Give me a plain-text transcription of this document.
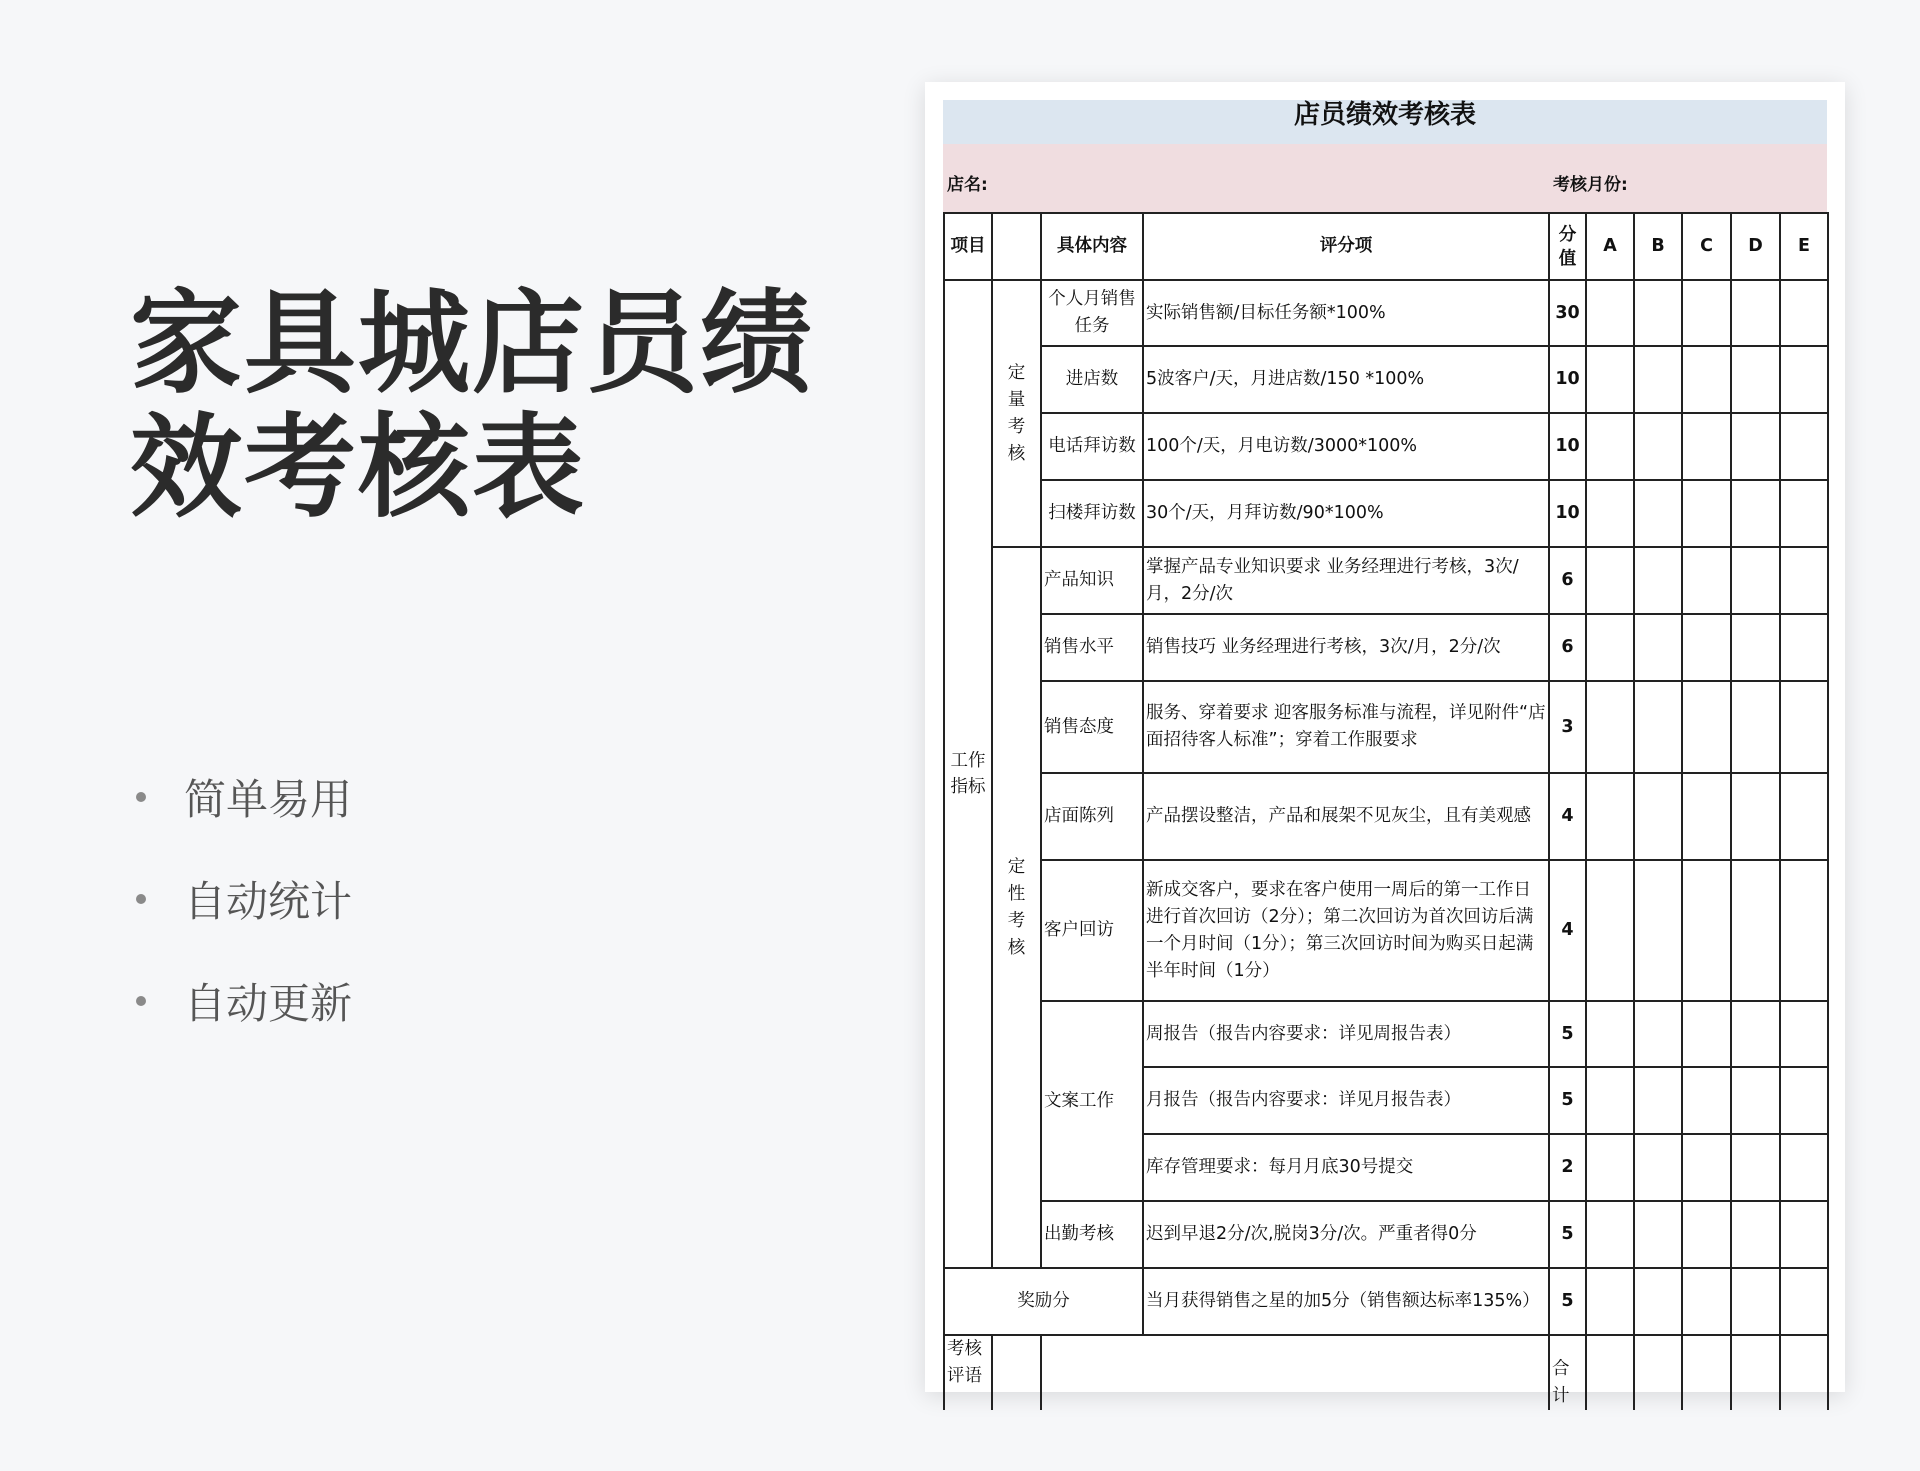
家具城店员绩效考核表
简单易用
自动统计
自动更新
店员绩效考核表
店名:	考核月份:
项目		具体内容	评分项	分值	A	B	C	D	E
工作指标	定量考核	个人月销售任务	实际销售额/目标任务额*100%	30					
		进店数	5波客户/天，月进店数/150 *100%	10					
		电话拜访数	100个/天，月电访数/3000*100%	10					
		扫楼拜访数	30个/天，月拜访数/90*100%	10					
	定性考核	产品知识	掌握产品专业知识要求 业务经理进行考核，3次/月，2分/次	6					
		销售水平	销售技巧 业务经理进行考核，3次/月，2分/次	6					
		销售态度	服务、穿着要求 迎客服务标准与流程，详见附件“店面招待客人标准”；穿着工作服要求	3					
		店面陈列	产品摆设整洁，产品和展架不见灰尘，且有美观感	4					
		客户回访	新成交客户，要求在客户使用一周后的第一工作日进行首次回访（2分）；第二次回访为首次回访后满一个月时间（1分）；第三次回访时间为购买日起满半年时间（1分）	4					
		文案工作	周报告（报告内容要求：详见周报告表）	5					
			月报告（报告内容要求：详见月报告表）	5					
			库存管理要求：每月月底30号提交	2					
		出勤考核	迟到早退2分/次,脱岗3分/次。严重者得0分	5					
奖励分			当月获得销售之星的加5分（销售额达标率135%）	5					
考核评语				合计					
